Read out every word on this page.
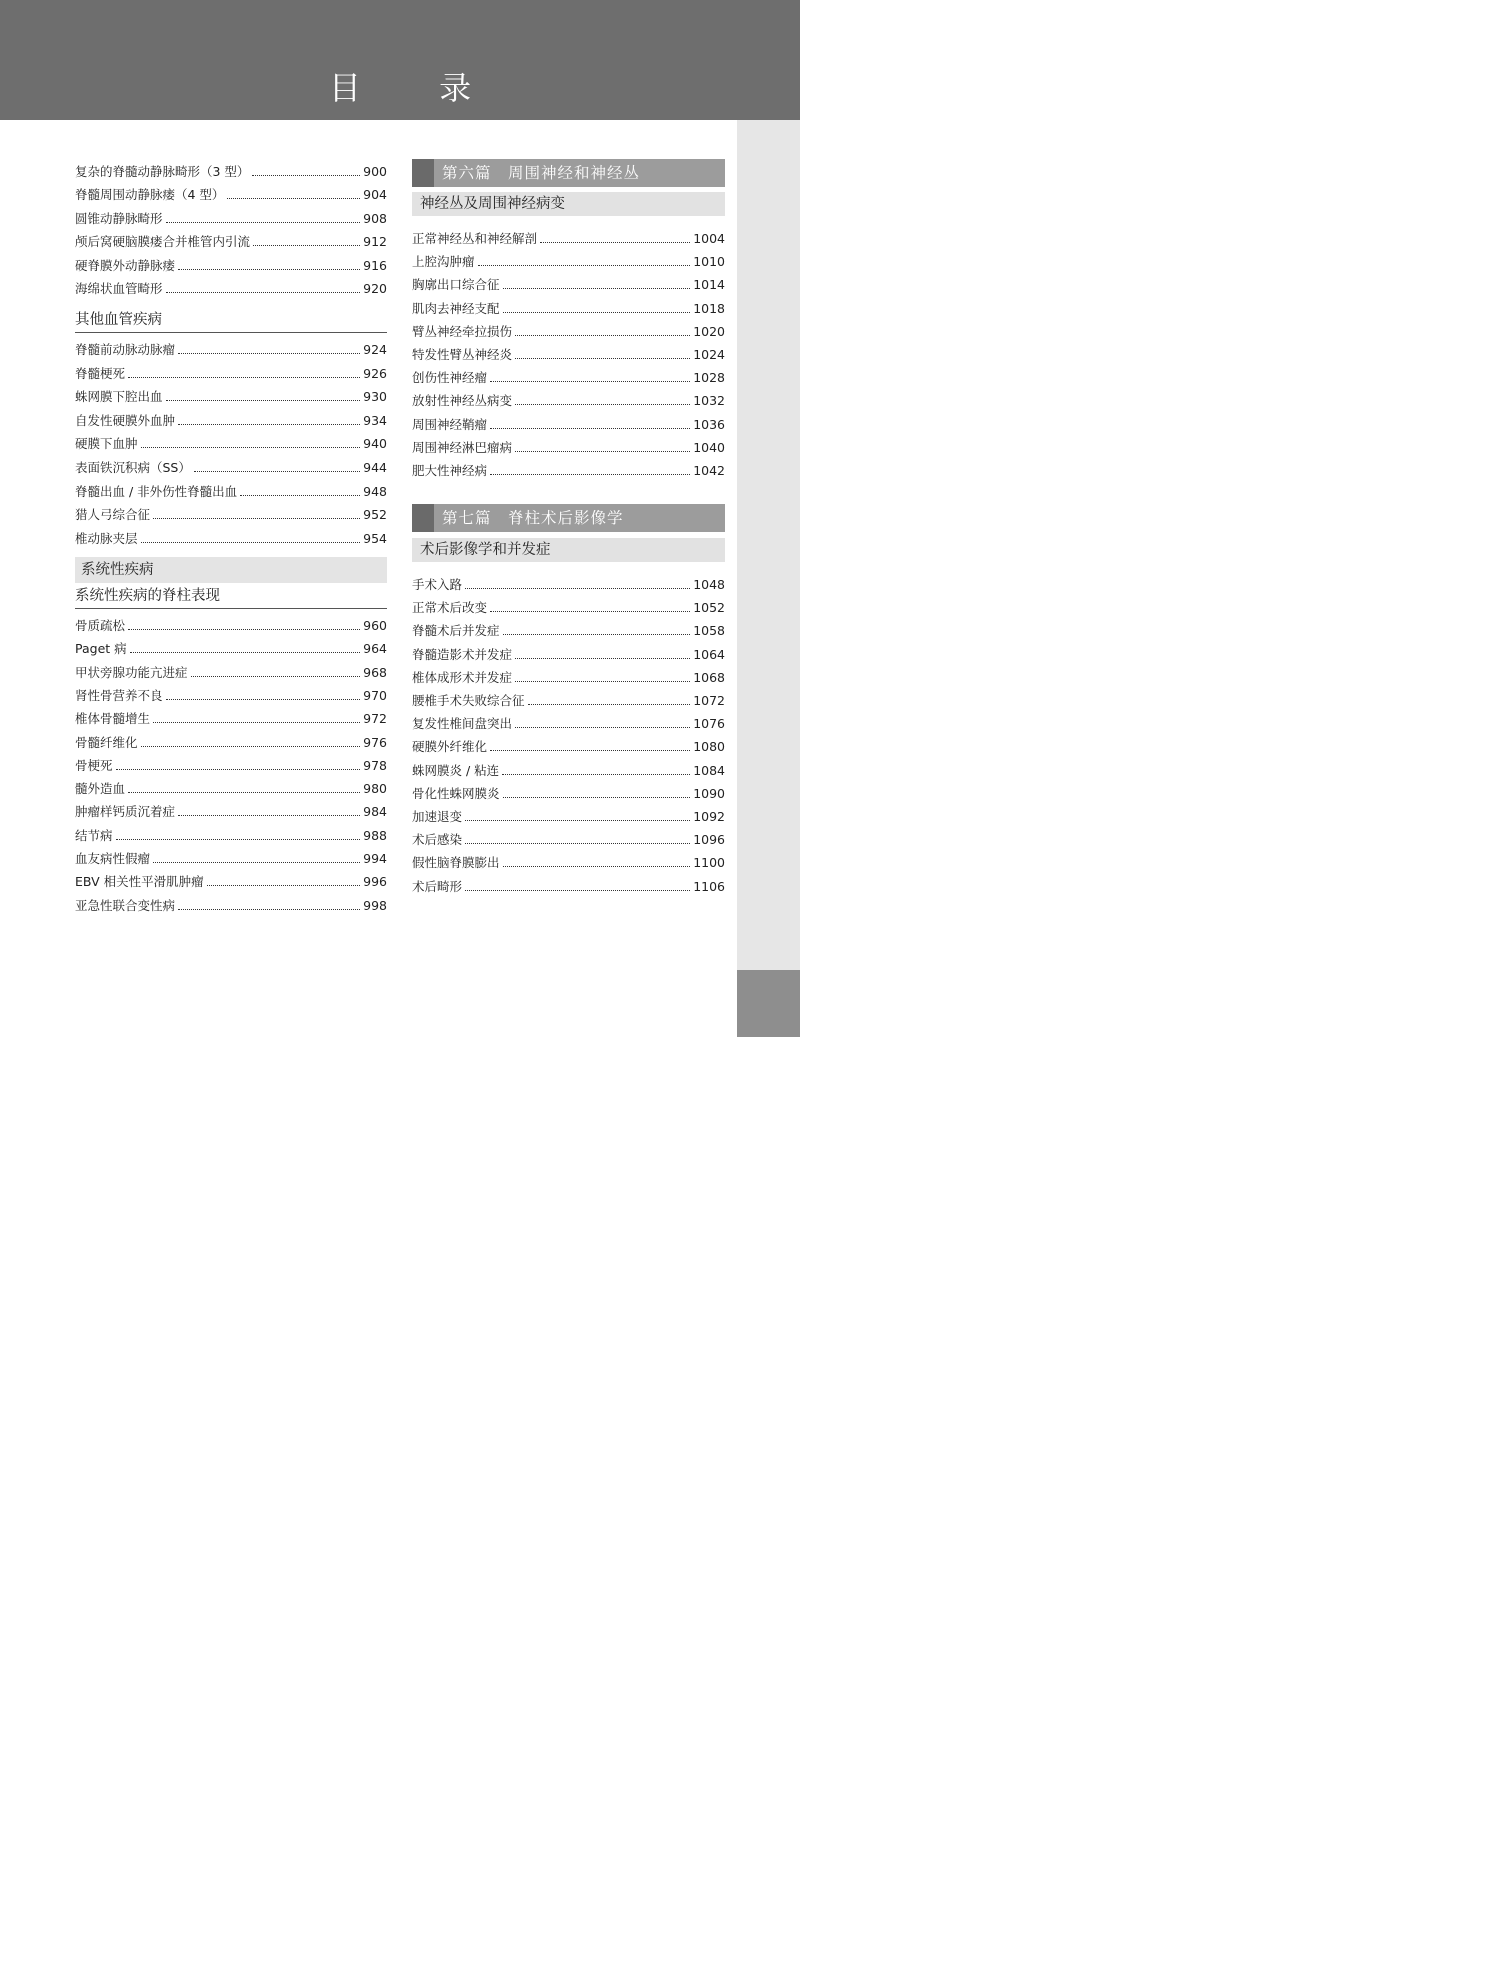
目 录
XV
复杂的脊髓动静脉畸形（3 型）	900
脊髓周围动静脉瘘（4 型）	904
圆锥动静脉畸形	908
颅后窝硬脑膜瘘合并椎管内引流	912
硬脊膜外动静脉瘘	916
海绵状血管畸形	920
其他血管疾病
脊髓前动脉动脉瘤	924
脊髓梗死	926
蛛网膜下腔出血	930
自发性硬膜外血肿	934
硬膜下血肿	940
表面铁沉积病（SS）	944
脊髓出血 / 非外伤性脊髓出血	948
猎人弓综合征	952
椎动脉夹层	954
系统性疾病
系统性疾病的脊柱表现
骨质疏松	960
Paget 病	964
甲状旁腺功能亢进症	968
肾性骨营养不良	970
椎体骨髓增生	972
骨髓纤维化	976
骨梗死	978
髓外造血	980
肿瘤样钙质沉着症	984
结节病	988
血友病性假瘤	994
EBV 相关性平滑肌肿瘤	996
亚急性联合变性病	998
第六篇　周围神经和神经丛
神经丛及周围神经病变
正常神经丛和神经解剖	1004
上腔沟肿瘤	1010
胸廓出口综合征	1014
肌肉去神经支配	1018
臂丛神经牵拉损伤	1020
特发性臂丛神经炎	1024
创伤性神经瘤	1028
放射性神经丛病变	1032
周围神经鞘瘤	1036
周围神经淋巴瘤病	1040
肥大性神经病	1042
第七篇　脊柱术后影像学
术后影像学和并发症
手术入路	1048
正常术后改变	1052
脊髓术后并发症	1058
脊髓造影术并发症	1064
椎体成形术并发症	1068
腰椎手术失败综合征	1072
复发性椎间盘突出	1076
硬膜外纤维化	1080
蛛网膜炎 / 粘连	1084
骨化性蛛网膜炎	1090
加速退变	1092
术后感染	1096
假性脑脊膜膨出	1100
术后畸形	1106
